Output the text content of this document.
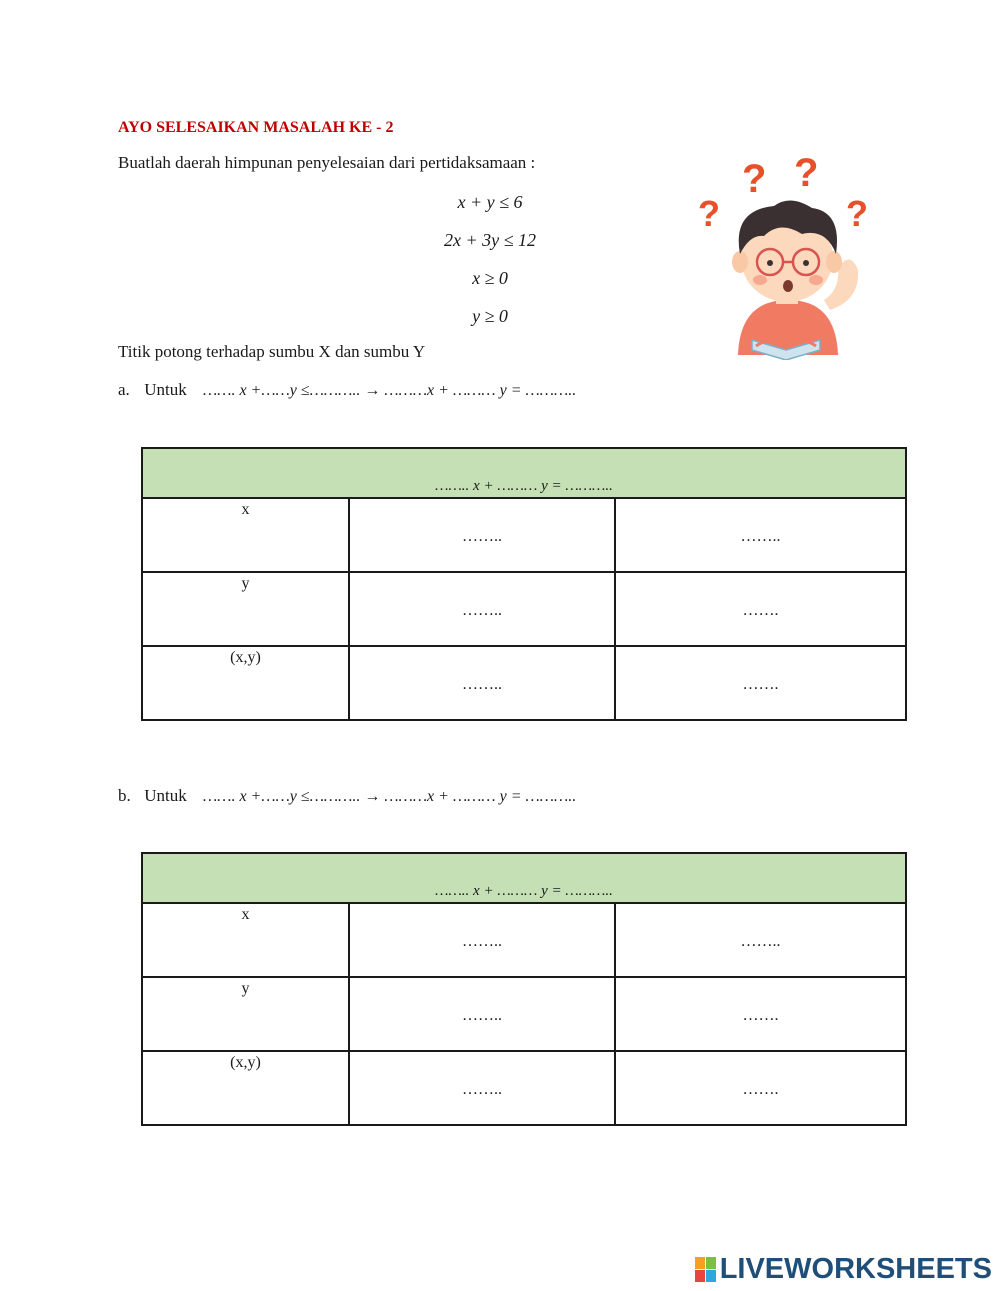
AYO SELESAIKAN MASALAH KE - 2
Buatlah daerah himpunan penyelesaian dari pertidaksamaan :
x + y ≤ 6
2x + 3y ≤ 12
x ≥ 0
y ≥ 0
Titik potong terhadap sumbu X dan sumbu Y
a. Untuk ……. x +……y ≤……….. → ………x + ……… y = ………..
…….. x + ……… y = ………..		
x	……..	……..
y	……..	…….
(x,y)	……..	…….
b. Untuk ……. x +……y ≤……….. → ………x + ……… y = ………..
…….. x + ……… y = ………..		
x	……..	……..
y	……..	…….
(x,y)	……..	…….
? ?
?	?
LIVEWORKSHEETS
